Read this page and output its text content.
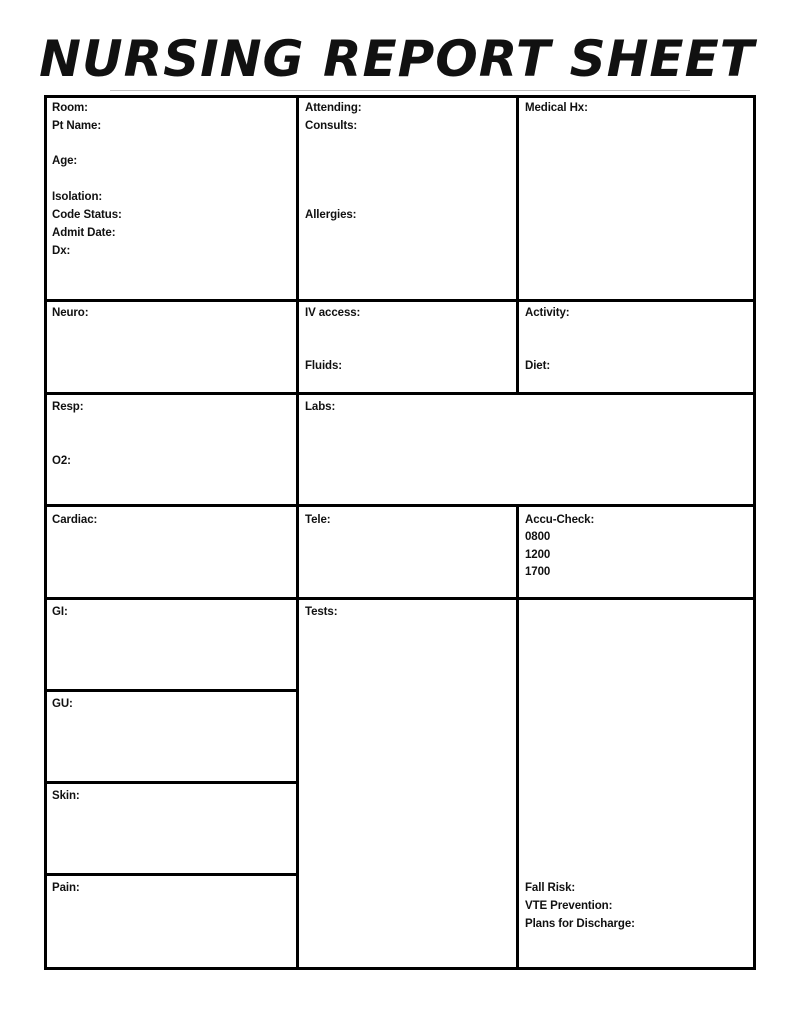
NURSING REPORT SHEET

Room:

Pt Name:

Age:

Isolation:

Code Status:

Admit Date:

Dx:

Attending:

Consults:

Allergies:

Medical Hx:

Neuro:	IV access:

Fluids:

Activity:

Diet:

Resp:

O2:

Labs:

Cardiac:	Tele:	Accu-Check:

0800

1200

1700

GI:

GU:

Skin:

Pain:

Tests:

Fall Risk:

VTE Prevention:

Plans for Discharge:
